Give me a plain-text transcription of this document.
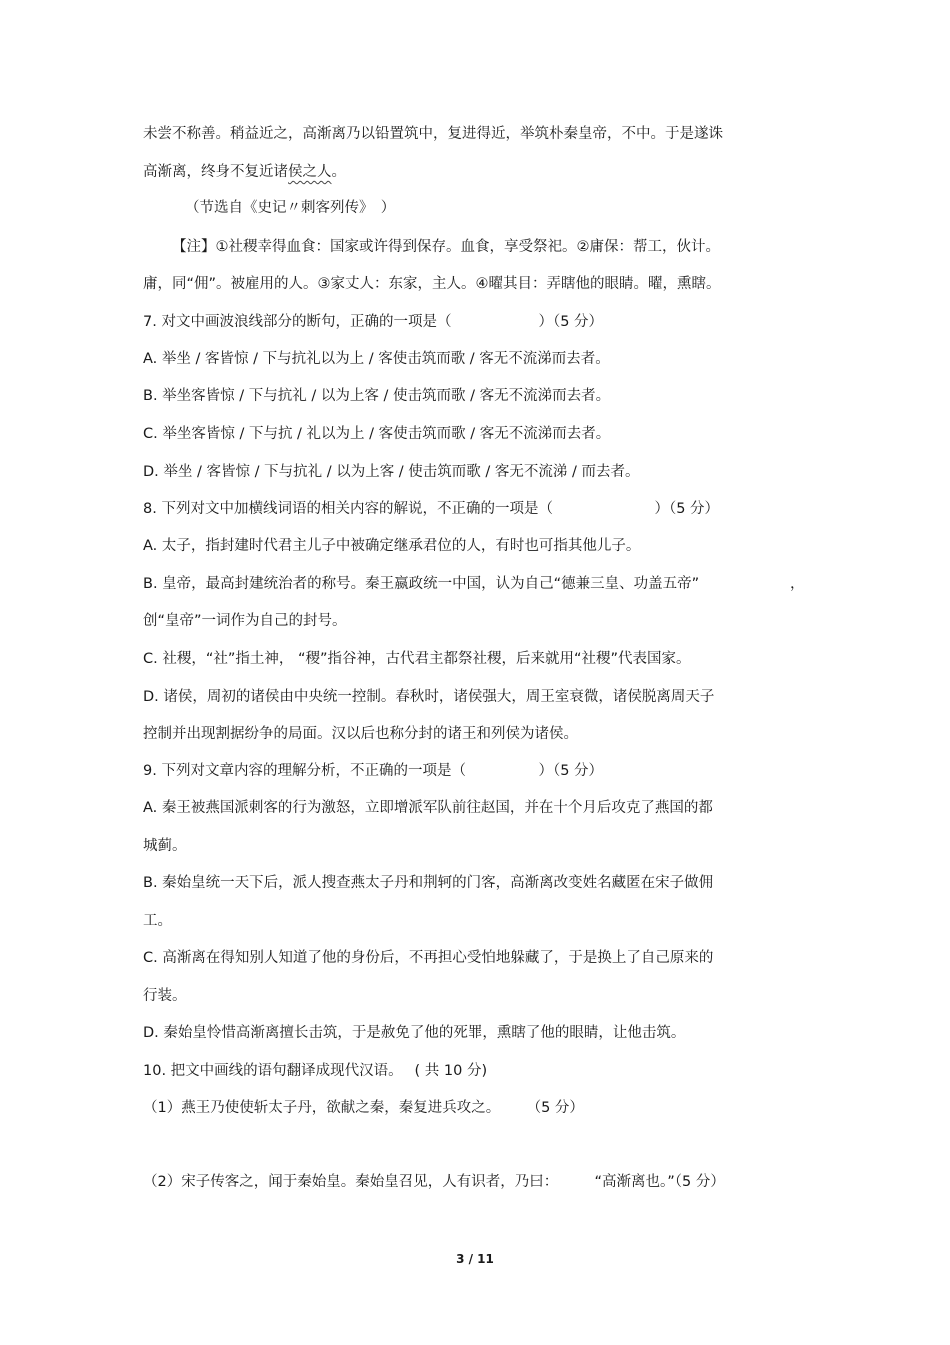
未尝不称善。稍益近之，高渐离乃以铅置筑中，复进得近，举筑朴秦皇帝，不中。于是遂诛
高渐离，终身不复近诸侯之人。
（节选自《史记〃刺客列传》　）
【注】①社稷幸得血食：国家或许得到保存。血食，享受祭祀。②庸保：帮工，伙计。
庸，同“佣”。被雇用的人。③家丈人：东家，主人。④曜其目：弄瞎他的眼睛。曜，熏瞎。
7. 对文中画波浪线部分的断句，正确的一项是（　　　　　　）（5 分）
A. 举坐 / 客皆惊 / 下与抗礼以为上 / 客使击筑而歌 / 客无不流涕而去者。
B. 举坐客皆惊 / 下与抗礼 / 以为上客 / 使击筑而歌 / 客无不流涕而去者。
C. 举坐客皆惊 / 下与抗 / 礼以为上 / 客使击筑而歌 / 客无不流涕而去者。
D. 举坐 / 客皆惊 / 下与抗礼 / 以为上客 / 使击筑而歌 / 客无不流涕 / 而去者。
8. 下列对文中加横线词语的相关内容的解说，不正确的一项是（　　　　　　　）（5 分）
A. 太子，指封建时代君主儿子中被确定继承君位的人，有时也可指其他儿子。
B. 皇帝，最高封建统治者的称号。秦王嬴政统一中国，认为自己“德兼三皇、功盖五帝”	，
创“皇帝”一词作为自己的封号。
C. 社稷，“社”指土神， “稷”指谷神，古代君主都祭社稷，后来就用“社稷”代表国家。
D. 诸侯，周初的诸侯由中央统一控制。春秋时，诸侯强大，周王室衰微，诸侯脱离周天子
控制并出现割据纷争的局面。汉以后也称分封的诸王和列侯为诸侯。
9. 下列对文章内容的理解分析，不正确的一项是（　　　　　）（5 分）
A. 秦王被燕国派刺客的行为激怒，立即增派军队前往赵国，并在十个月后攻克了燕国的都
城蓟。
B. 秦始皇统一天下后，派人搜查燕太子丹和荆轲的门客，高渐离改变姓名藏匿在宋子做佣
工。
C. 高渐离在得知别人知道了他的身份后，不再担心受怕地躲藏了，于是换上了自己原来的
行装。
D. 秦始皇怜惜高渐离擅长击筑，于是赦免了他的死罪，熏瞎了他的眼睛，让他击筑。
10. 把文中画线的语句翻译成现代汉语。　 ( 共 10 分)
（1）燕王乃使使斩太子丹，欲献之秦，秦复进兵攻之。　　 （5 分）
（2）宋子传客之，闻于秦始皇。秦始皇召见，人有识者，乃曰：　　　“高渐离也。”（5 分）
3 / 11
